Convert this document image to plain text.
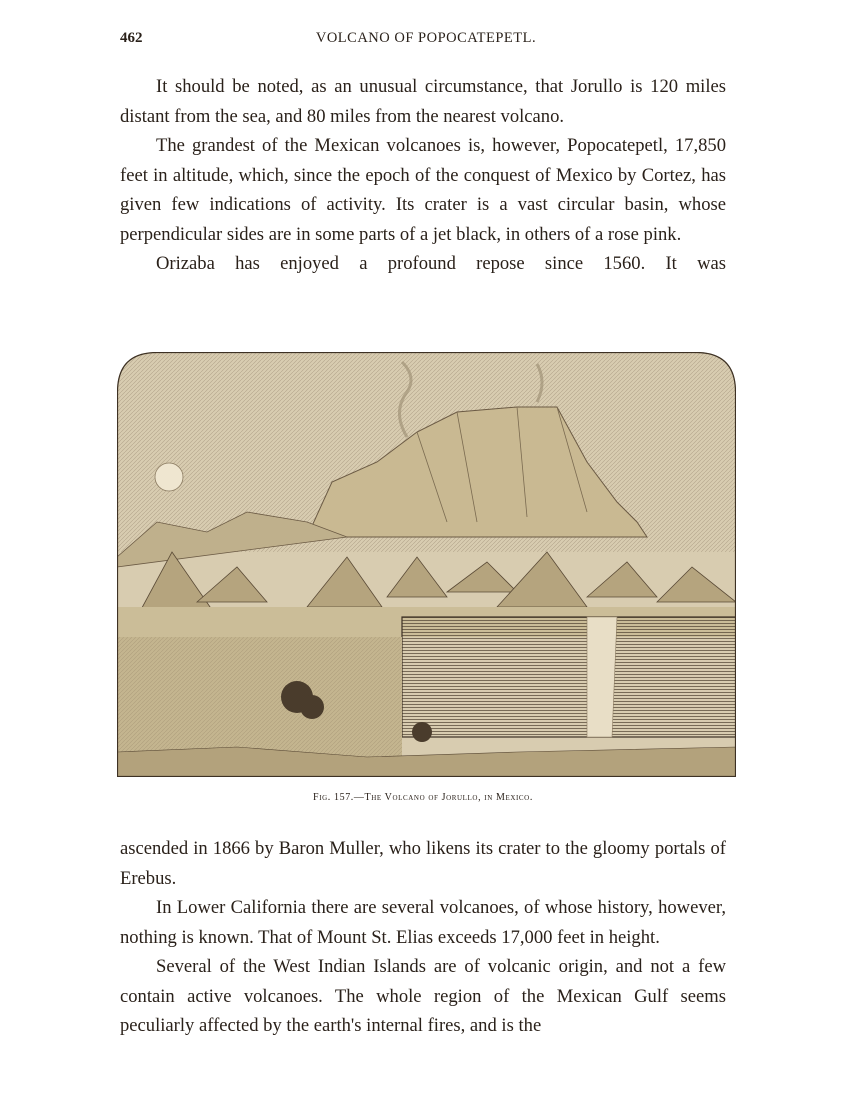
462	VOLCANO OF POPOCATEPETL.

It should be noted, as an unusual circumstance, that Jorullo is 120 miles distant from the sea, and 80 miles from the nearest volcano.

The grandest of the Mexican volcanoes is, however, Popocatepetl, 17,850 feet in altitude, which, since the epoch of the conquest of Mexico by Cortez, has given few indications of activity. Its crater is a vast circular basin, whose perpendicular sides are in some parts of a jet black, in others of a rose pink.

Orizaba has enjoyed a profound repose since 1560. It was

Fig. 157.—The Volcano of Jorullo, in Mexico.

ascended in 1866 by Baron Muller, who likens its crater to the gloomy portals of Erebus.

In Lower California there are several volcanoes, of whose history, however, nothing is known. That of Mount St. Elias exceeds 17,000 feet in height.

Several of the West Indian Islands are of volcanic origin, and not a few contain active volcanoes. The whole region of the Mexican Gulf seems peculiarly affected by the earth's internal fires, and is the
